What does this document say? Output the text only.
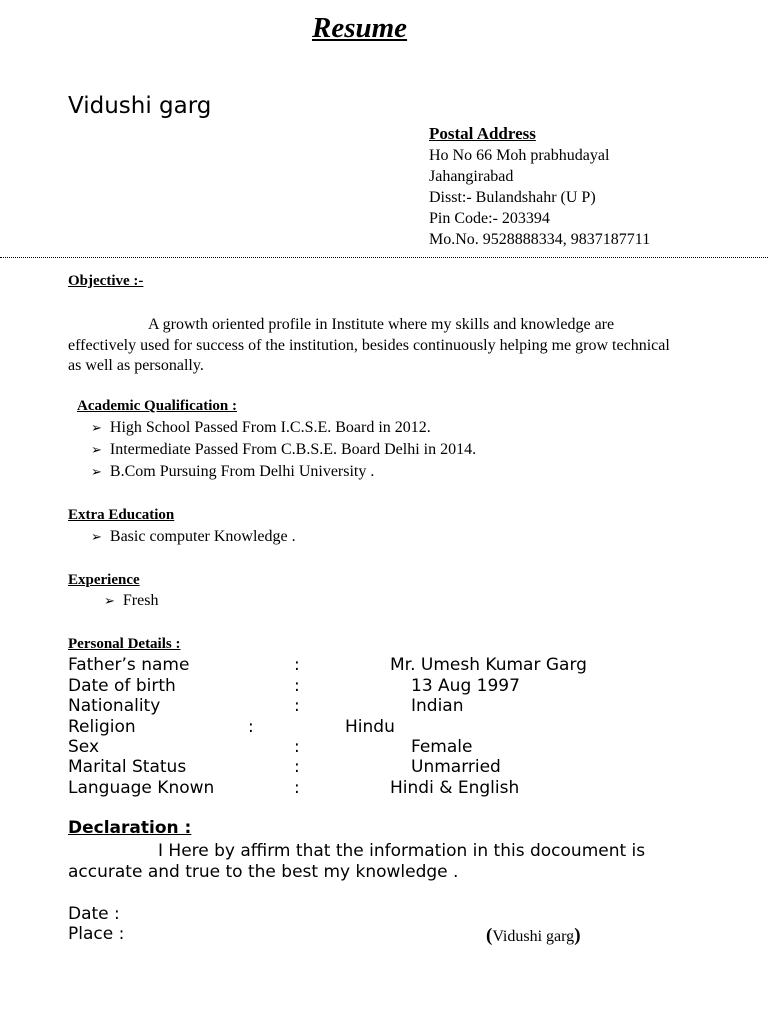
Resume
Vidushi garg
Postal Address
Ho No 66 Moh prabhudayal
Jahangirabad
Disst:- Bulandshahr (U P)
Pin Code:- 203394
Mo.No. 9528888334, 9837187711
Objective :-
A growth oriented profile in Institute where my skills and knowledge are effectively used for success of the institution, besides continuously helping me grow technical as well as personally.
Academic Qualification :
➢ High School Passed From I.C.S.E. Board in 2012.
➢ Intermediate Passed From C.B.S.E. Board Delhi in 2014.
➢ B.Com Pursuing From Delhi University .
Extra Education
➢ Basic computer Knowledge .
Experience
➢ Fresh
Personal Details :
Father’s name	:	Mr. Umesh Kumar Garg
Date of birth	:	13 Aug 1997
Nationality	:	Indian
Religion	:	Hindu
Sex	:	Female
Marital Status	:	Unmarried
Language Known	:	Hindi & English
Declaration :
I Here by affirm that the information in this docoument is accurate and true to the best my knowledge .
Date :
Place :	(Vidushi garg)
